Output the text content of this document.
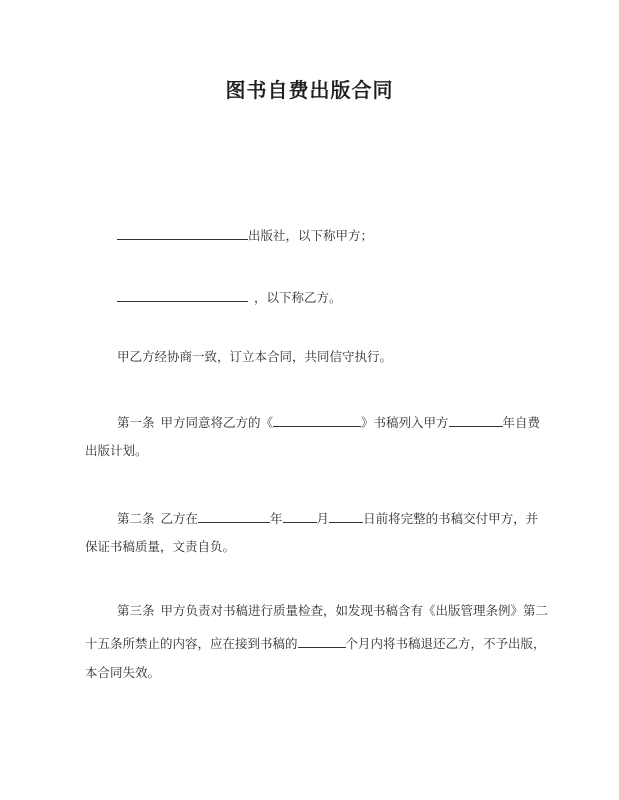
图书自费出版合同
出版社，以下称甲方；
，以下称乙方。
甲乙方经协商一致，订立本合同，共同信守执行。
第一条 甲方同意将乙方的《	》书稿列入甲方	年自费
出版计划。
第二条 乙方在	年	月	日前将完整的书稿交付甲方，并
保证书稿质量，文责自负。
第三条 甲方负责对书稿进行质量检查，如发现书稿含有《出版管理条例》第二
十五条所禁止的内容，应在接到书稿的	个月内将书稿退还乙方，不予出版，
本合同失效。
